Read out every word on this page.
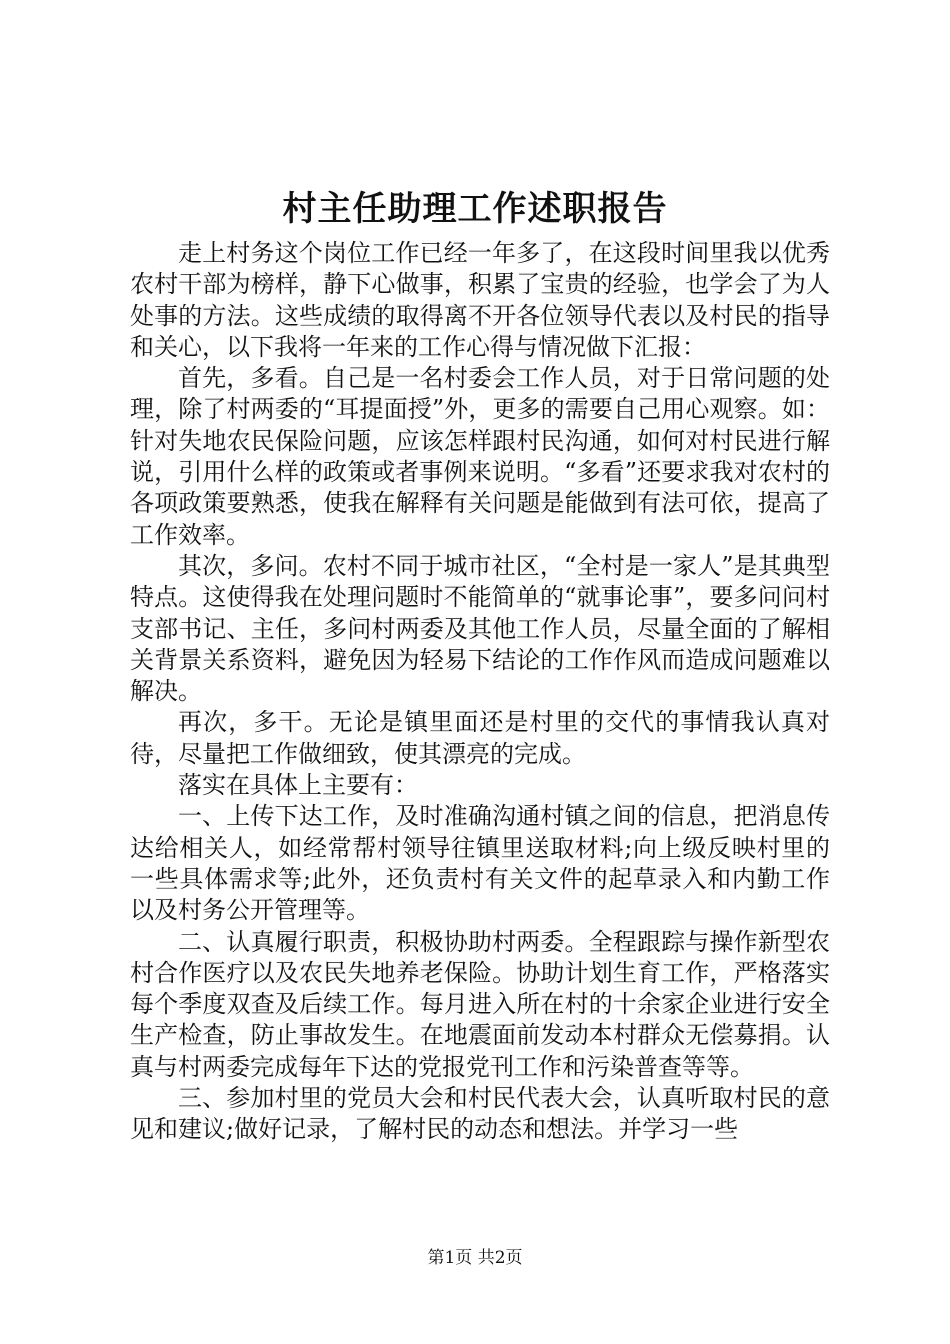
村主任助理工作述职报告

走上村务这个岗位工作已经一年多了，在这段时间里我以优秀农村干部为榜样，静下心做事，积累了宝贵的经验，也学会了为人处事的方法。这些成绩的取得离不开各位领导代表以及村民的指导和关心，以下我将一年来的工作心得与情况做下汇报：

首先，多看。自己是一名村委会工作人员，对于日常问题的处理，除了村两委的“耳提面授”外，更多的需要自己用心观察。如：针对失地农民保险问题，应该怎样跟村民沟通，如何对村民进行解说，引用什么样的政策或者事例来说明。“多看”还要求我对农村的各项政策要熟悉，使我在解释有关问题是能做到有法可依，提高了工作效率。

其次，多问。农村不同于城市社区，“全村是一家人”是其典型特点。这使得我在处理问题时不能简单的“就事论事”，要多问问村支部书记、主任，多问村两委及其他工作人员，尽量全面的了解相关背景关系资料，避免因为轻易下结论的工作作风而造成问题难以解决。

再次，多干。无论是镇里面还是村里的交代的事情我认真对待，尽量把工作做细致，使其漂亮的完成。

落实在具体上主要有：

一、上传下达工作，及时准确沟通村镇之间的信息，把消息传达给相关人，如经常帮村领导往镇里送取材料;向上级反映村里的一些具体需求等;此外，还负责村有关文件的起草录入和内勤工作以及村务公开管理等。

二、认真履行职责，积极协助村两委。全程跟踪与操作新型农村合作医疗以及农民失地养老保险。协助计划生育工作，严格落实每个季度双查及后续工作。每月进入所在村的十余家企业进行安全生产检查，防止事故发生。在地震面前发动本村群众无偿募捐。认真与村两委完成每年下达的党报党刊工作和污染普查等等。

三、参加村里的党员大会和村民代表大会，认真听取村民的意见和建议;做好记录，了解村民的动态和想法。并学习一些

第1页 共2页
